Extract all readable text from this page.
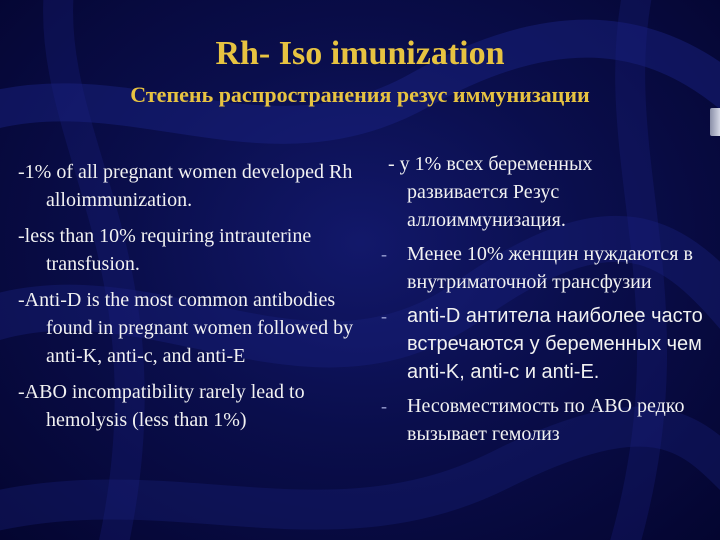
Rh- Iso imunization
Степень распространения резус иммунизации
-1% of all pregnant women developed Rh alloimmunization.
-less than 10% requiring intrauterine transfusion.
-Anti-D is the most common antibodies found in pregnant women followed by anti-K, anti-c, and anti-E
-ABO incompatibility rarely lead to hemolysis (less than 1%)
- у 1% всех беременных
развивается Резус аллоиммунизация.
- Менее 10% женщин нуждаются в внутриматочной трансфузии
- anti-D антитела наиболее часто встречаются у беременных чем anti-K, anti-c и anti-E.
- Несовместимость по АВО редко вызывает гемолиз
